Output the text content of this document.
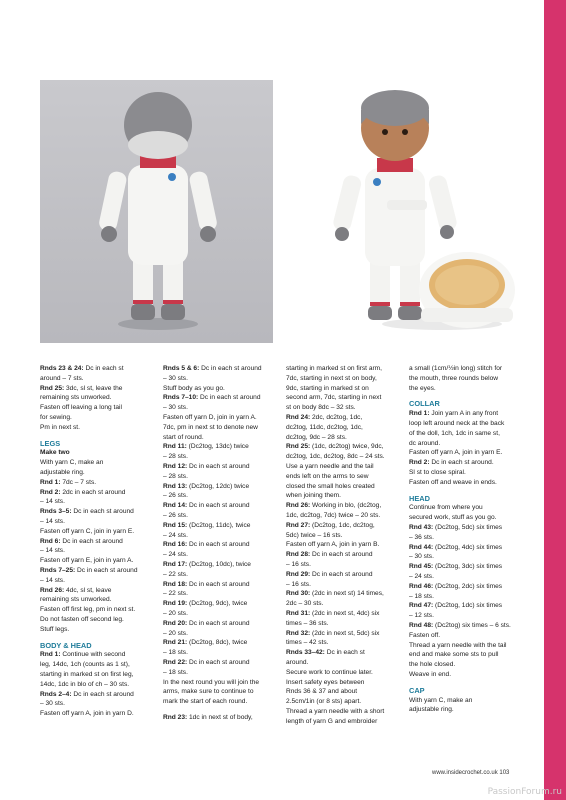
Rnds 23 & 24: Dc in each st

around – 7 sts.

Rnd 25: 3dc, sl st, leave the

remaining sts unworked.

Fasten off leaving a long tail

for sewing.

Pm in next st.

LEGS

Make two

With yarn C, make an

adjustable ring.

Rnd 1: 7dc – 7 sts.

Rnd 2: 2dc in each st around

– 14 sts.

Rnds 3–5: Dc in each st around

– 14 sts.

Fasten off yarn C, join in yarn E.

Rnd 6: Dc in each st around

– 14 sts.

Fasten off yarn E, join in yarn A.

Rnds 7–25: Dc in each st around

– 14 sts.

Rnd 26: 4dc, sl st, leave

remaining sts unworked.

Fasten off first leg, pm in next st.

Do not fasten off second leg.

Stuff legs.

BODY & HEAD

Rnd 1: Continue with second

leg, 14dc, 1ch (counts as 1 st),

starting in marked st on first leg,

14dc, 1dc in blo of ch – 30 sts.

Rnds 2–4: Dc in each st around

– 30 sts.

Fasten off yarn A, join in yarn D.

Rnds 5 & 6: Dc in each st around

– 30 sts.

Stuff body as you go.

Rnds 7–10: Dc in each st around

– 30 sts.

Fasten off yarn D, join in yarn A.

7dc, pm in next st to denote new

start of round.

Rnd 11: (Dc2tog, 13dc) twice

– 28 sts.

Rnd 12: Dc in each st around

– 28 sts.

Rnd 13: (Dc2tog, 12dc) twice

– 26 sts.

Rnd 14: Dc in each st around

– 26 sts.

Rnd 15: (Dc2tog, 11dc), twice

– 24 sts.

Rnd 16: Dc in each st around

– 24 sts.

Rnd 17: (Dc2tog, 10dc), twice

– 22 sts.

Rnd 18: Dc in each st around

– 22 sts.

Rnd 19: (Dc2tog, 9dc), twice

– 20 sts.

Rnd 20: Dc in each st around

– 20 sts.

Rnd 21: (Dc2tog, 8dc), twice

– 18 sts.

Rnd 22: Dc in each st around

– 18 sts.

In the next round you will join the

arms, make sure to continue to

mark the start of each round.

Rnd 23: 1dc in next st of body,

starting in marked st on first arm,

7dc, starting in next st on body,

9dc, starting in marked st on

second arm, 7dc, starting in next

st on body 8dc – 32 sts.

Rnd 24: 2dc, dc2tog, 1dc,

dc2tog, 11dc, dc2tog, 1dc,

dc2tog, 9dc – 28 sts.

Rnd 25: (1dc, dc2tog) twice, 9dc,

dc2tog, 1dc, dc2tog, 8dc – 24 sts.

Use a yarn needle and the tail

ends left on the arms to sew

closed the small holes created

when joining them.

Rnd 26: Working in blo, (dc2tog,

1dc, dc2tog, 7dc) twice – 20 sts.

Rnd 27: (Dc2tog, 1dc, dc2tog,

5dc) twice – 16 sts.

Fasten off yarn A, join in yarn B.

Rnd 28: Dc in each st around

– 16 sts.

Rnd 29: Dc in each st around

– 16 sts.

Rnd 30: (2dc in next st) 14 times,

2dc – 30 sts.

Rnd 31: (2dc in next st, 4dc) six

times – 36 sts.

Rnd 32: (2dc in next st, 5dc) six

times – 42 sts.

Rnds 33–42: Dc in each st

around.

Secure work to continue later.

Insert safety eyes between

Rnds 36 & 37 and about

2.5cm/1in (or 8 sts) apart.

Thread a yarn needle with a short

length of yarn G and embroider

a small (1cm/½in long) stitch for

the mouth, three rounds below

the eyes.

COLLAR

Rnd 1: Join yarn A in any front

loop left around neck at the back

of the doll, 1ch, 1dc in same st,

dc around.

Fasten off yarn A, join in yarn E.

Rnd 2: Dc in each st around.

Sl st to close spiral.

Fasten off and weave in ends.

HEAD

Continue from where you

secured work, stuff as you go.

Rnd 43: (Dc2tog, 5dc) six times

– 36 sts.

Rnd 44: (Dc2tog, 4dc) six times

– 30 sts.

Rnd 45: (Dc2tog, 3dc) six times

– 24 sts.

Rnd 46: (Dc2tog, 2dc) six times

– 18 sts.

Rnd 47: (Dc2tog, 1dc) six times

– 12 sts.

Rnd 48: (Dc2tog) six times – 6 sts.

Fasten off.

Thread a yarn needle with the tail

end and make some sts to pull

the hole closed.

Weave in end.

CAP

With yarn C, make an

adjustable ring.

www.insidecrochet.co.uk 103
PassionForum.ru
